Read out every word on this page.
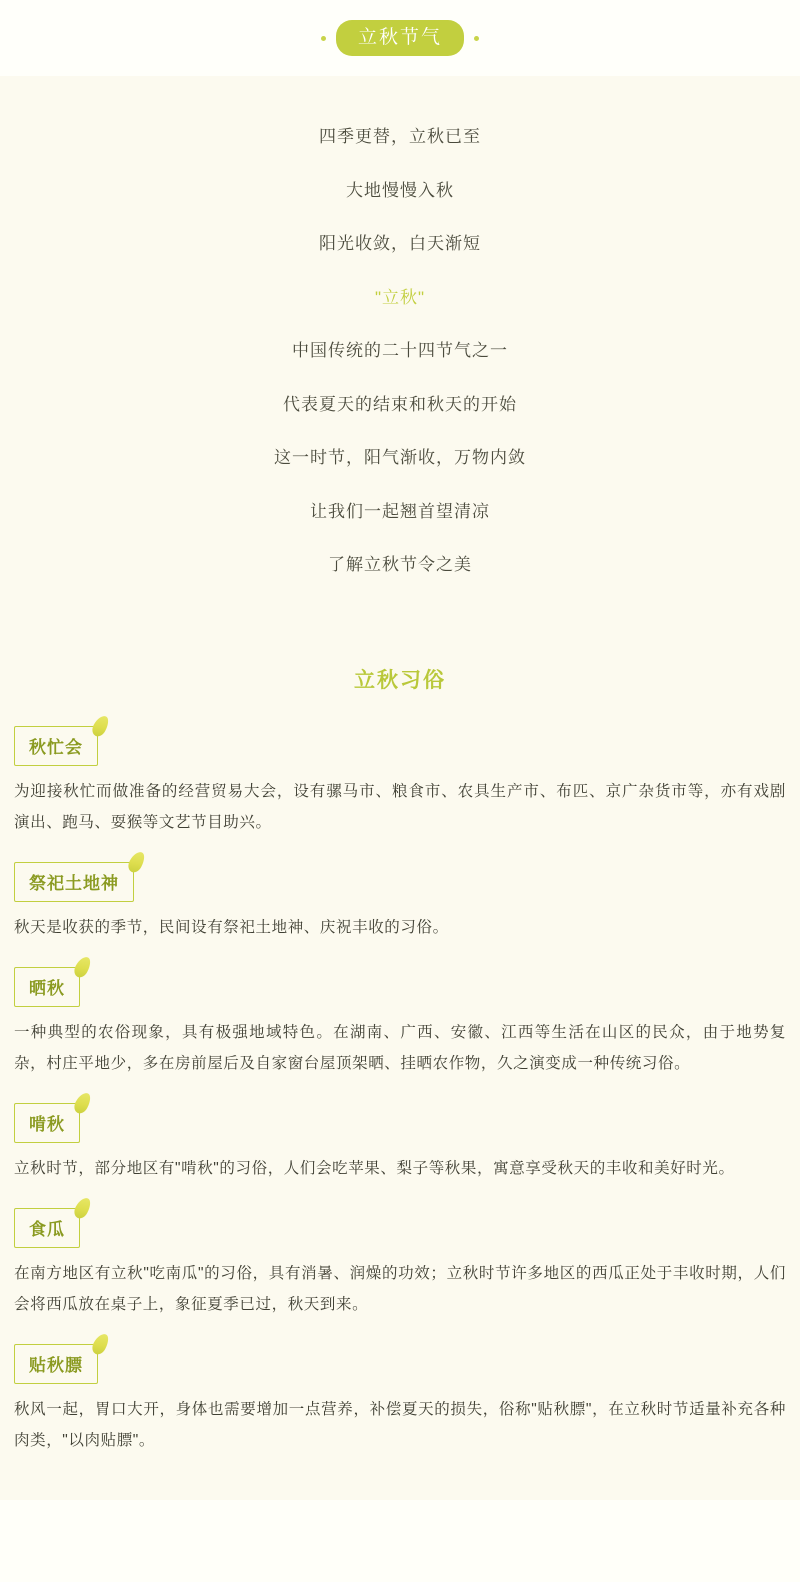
立秋节气

四季更替，立秋已至

大地慢慢入秋

阳光收敛，白天渐短

"立秋"

中国传统的二十四节气之一

代表夏天的结束和秋天的开始

这一时节，阳气渐收，万物内敛

让我们一起翘首望清凉

了解立秋节令之美

立秋习俗
秋忙会
为迎接秋忙而做准备的经营贸易大会，设有骡马市、粮食市、农具生产市、布匹、京广杂货市等，亦有戏剧演出、跑马、耍猴等文艺节目助兴。
祭祀土地神
秋天是收获的季节，民间设有祭祀土地神、庆祝丰收的习俗。
晒秋
一种典型的农俗现象，具有极强地域特色。在湖南、广西、安徽、江西等生活在山区的民众，由于地势复杂，村庄平地少，多在房前屋后及自家窗台屋顶架晒、挂晒农作物，久之演变成一种传统习俗。
啃秋
立秋时节，部分地区有"啃秋"的习俗，人们会吃苹果、梨子等秋果，寓意享受秋天的丰收和美好时光。
食瓜
在南方地区有立秋"吃南瓜"的习俗，具有消暑、润燥的功效；立秋时节许多地区的西瓜正处于丰收时期，人们会将西瓜放在桌子上，象征夏季已过，秋天到来。
贴秋膘
秋风一起，胃口大开，身体也需要增加一点营养，补偿夏天的损失，俗称"贴秋膘"，在立秋时节适量补充各种肉类，"以肉贴膘"。
